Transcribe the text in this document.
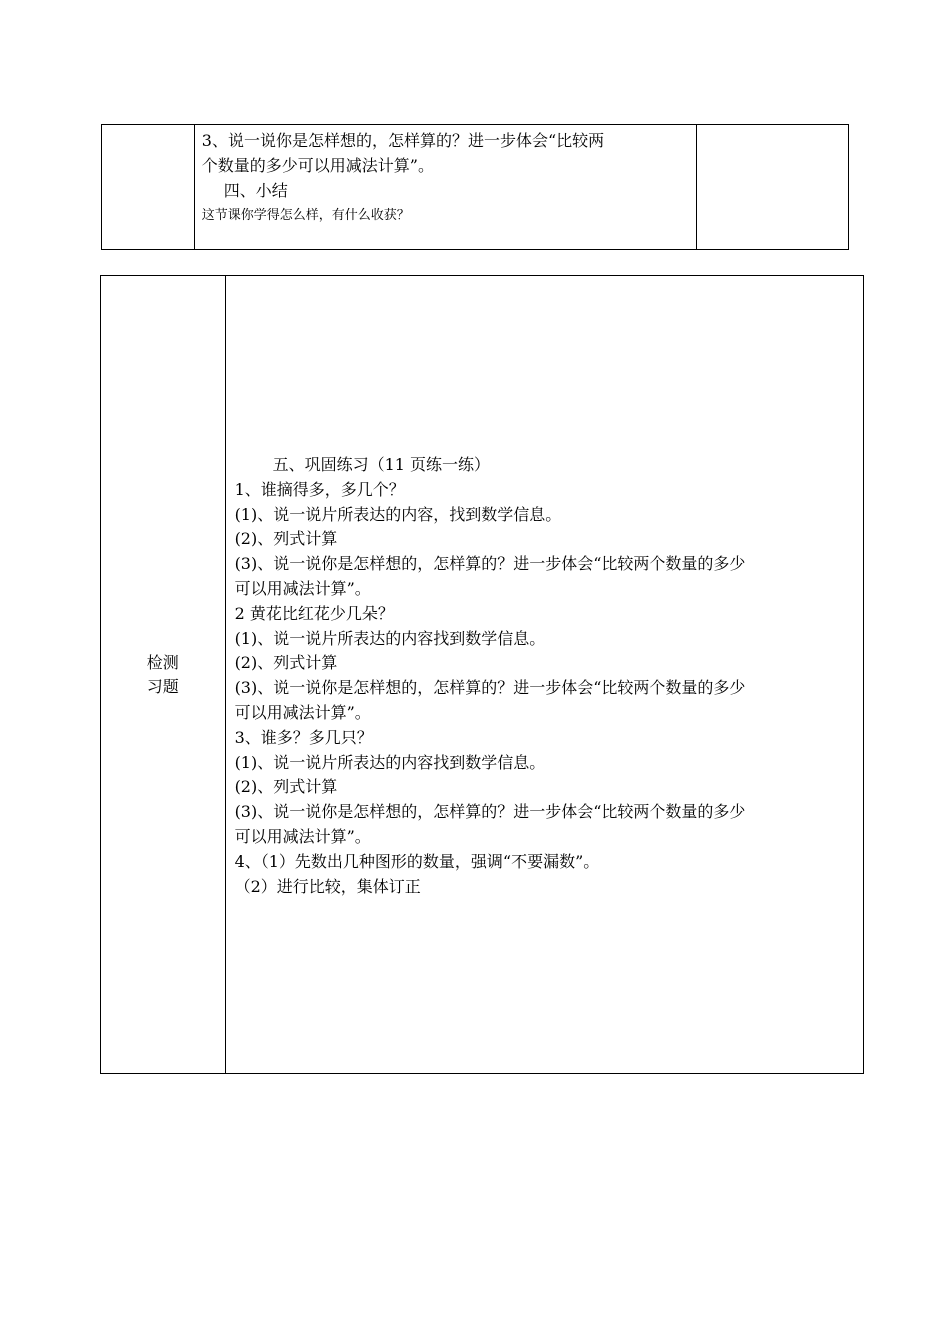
3、说一说你是怎样想的，怎样算的？进一步体会“比较两
个数量的多少可以用减法计算”。
四、小结
这节课你学得怎么样，有什么收获？

检测
习题

五、巩固练习（11 页练一练）
1、谁摘得多，多几个？
(1)、说一说片所表达的内容，找到数学信息。
(2)、列式计算
(3)、说一说你是怎样想的，怎样算的？进一步体会“比较两个数量的多少
可以用减法计算”。
2 黄花比红花少几朵？
(1)、说一说片所表达的内容找到数学信息。
(2)、列式计算
(3)、说一说你是怎样想的，怎样算的？进一步体会“比较两个数量的多少
可以用减法计算”。
3、谁多？多几只？
(1)、说一说片所表达的内容找到数学信息。
(2)、列式计算
(3)、说一说你是怎样想的，怎样算的？进一步体会“比较两个数量的多少
可以用减法计算”。
4、（1）先数出几种图形的数量，强调“不要漏数”。
（2）进行比较，集体订正
